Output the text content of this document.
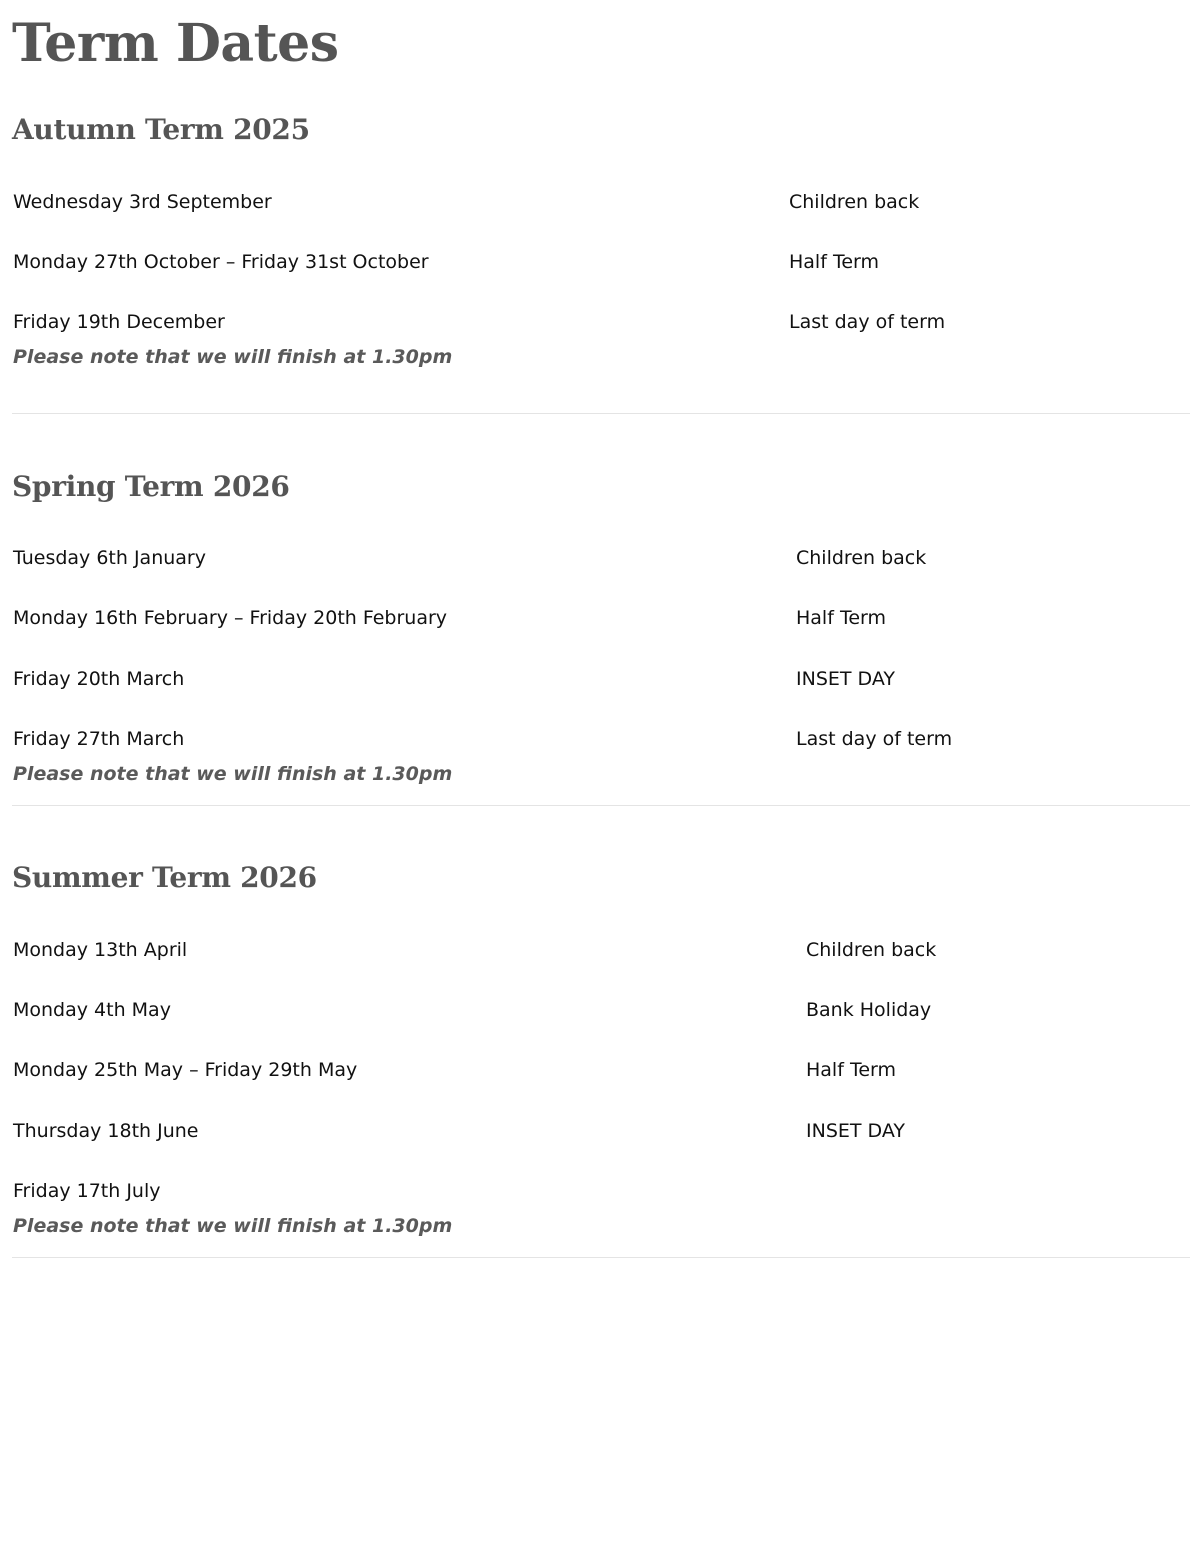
Term Dates
Autumn Term 2025

Wednesday 3rd September	Children back

Monday 27th October – Friday 31st October	Half Term

Friday 19th December	Last day of term

Please note that we will finish at 1.30pm

Spring Term 2026

Tuesday 6th January	Children back

Monday 16th February – Friday 20th February	Half Term

Friday 20th March	INSET DAY

Friday 27th March	Last day of term

Please note that we will finish at 1.30pm

Summer Term 2026

Monday 13th April	Children back

Monday 4th May	Bank Holiday

Monday 25th May – Friday 29th May	Half Term

Thursday 18th June	INSET DAY

Friday 17th July

Please note that we will finish at 1.30pm
